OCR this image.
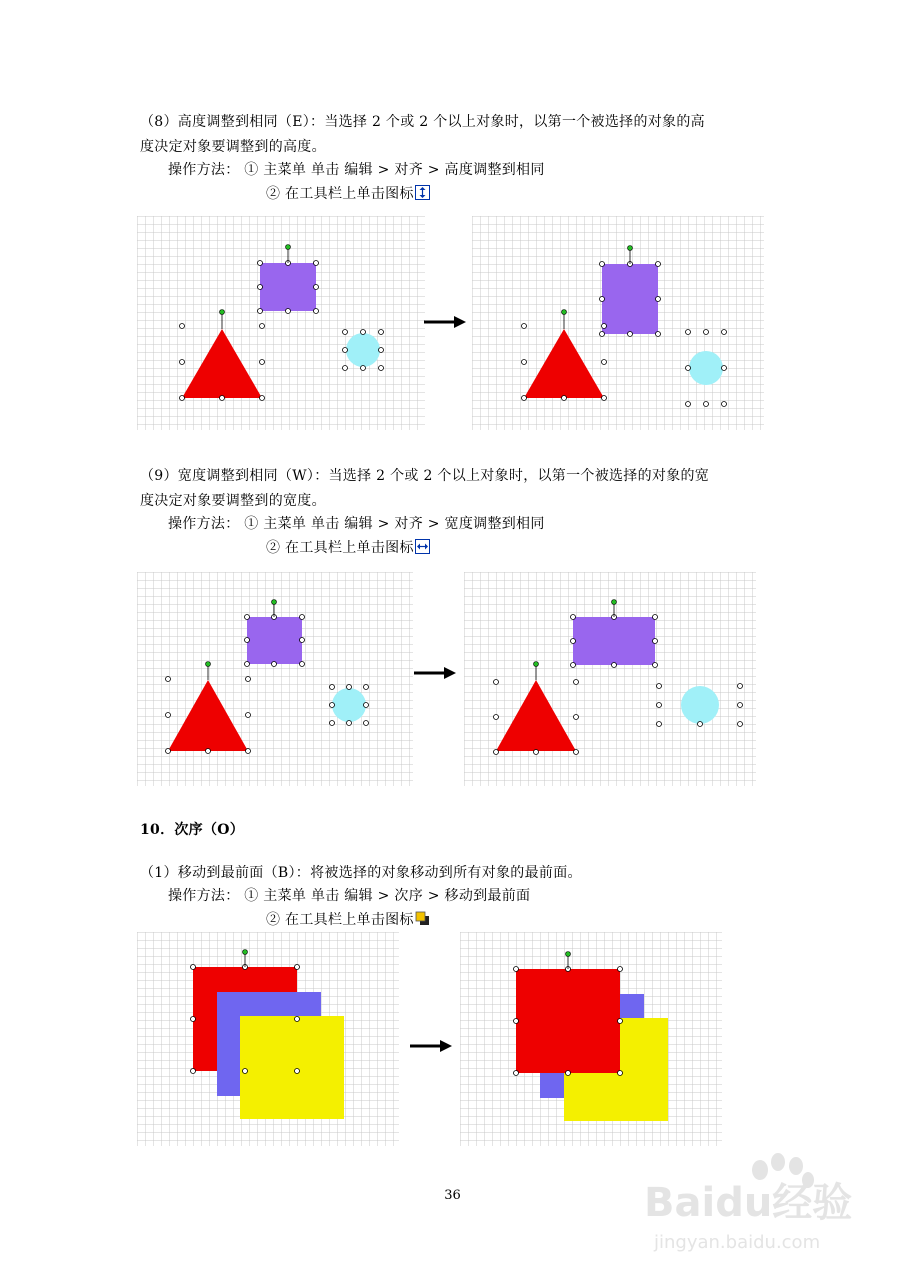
（8）高度调整到相同（E）：当选择 2 个或 2 个以上对象时，以第一个被选择的对象的高
度决定对象要调整到的高度。
操作方法： ① 主菜单 单击 编辑 > 对齐 > 高度调整到相同
② 在工具栏上单击图标
（9）宽度调整到相同（W）：当选择 2 个或 2 个以上对象时，以第一个被选择的对象的宽
度决定对象要调整到的宽度。
操作方法： ① 主菜单 单击 编辑 > 对齐 > 宽度调整到相同
② 在工具栏上单击图标
10．次序（O）
（1）移动到最前面（B）：将被选择的对象移动到所有对象的最前面。
操作方法： ① 主菜单 单击 编辑 > 次序 > 移动到最前面
② 在工具栏上单击图标
36	Baidu经验
jingyan.baidu.com
